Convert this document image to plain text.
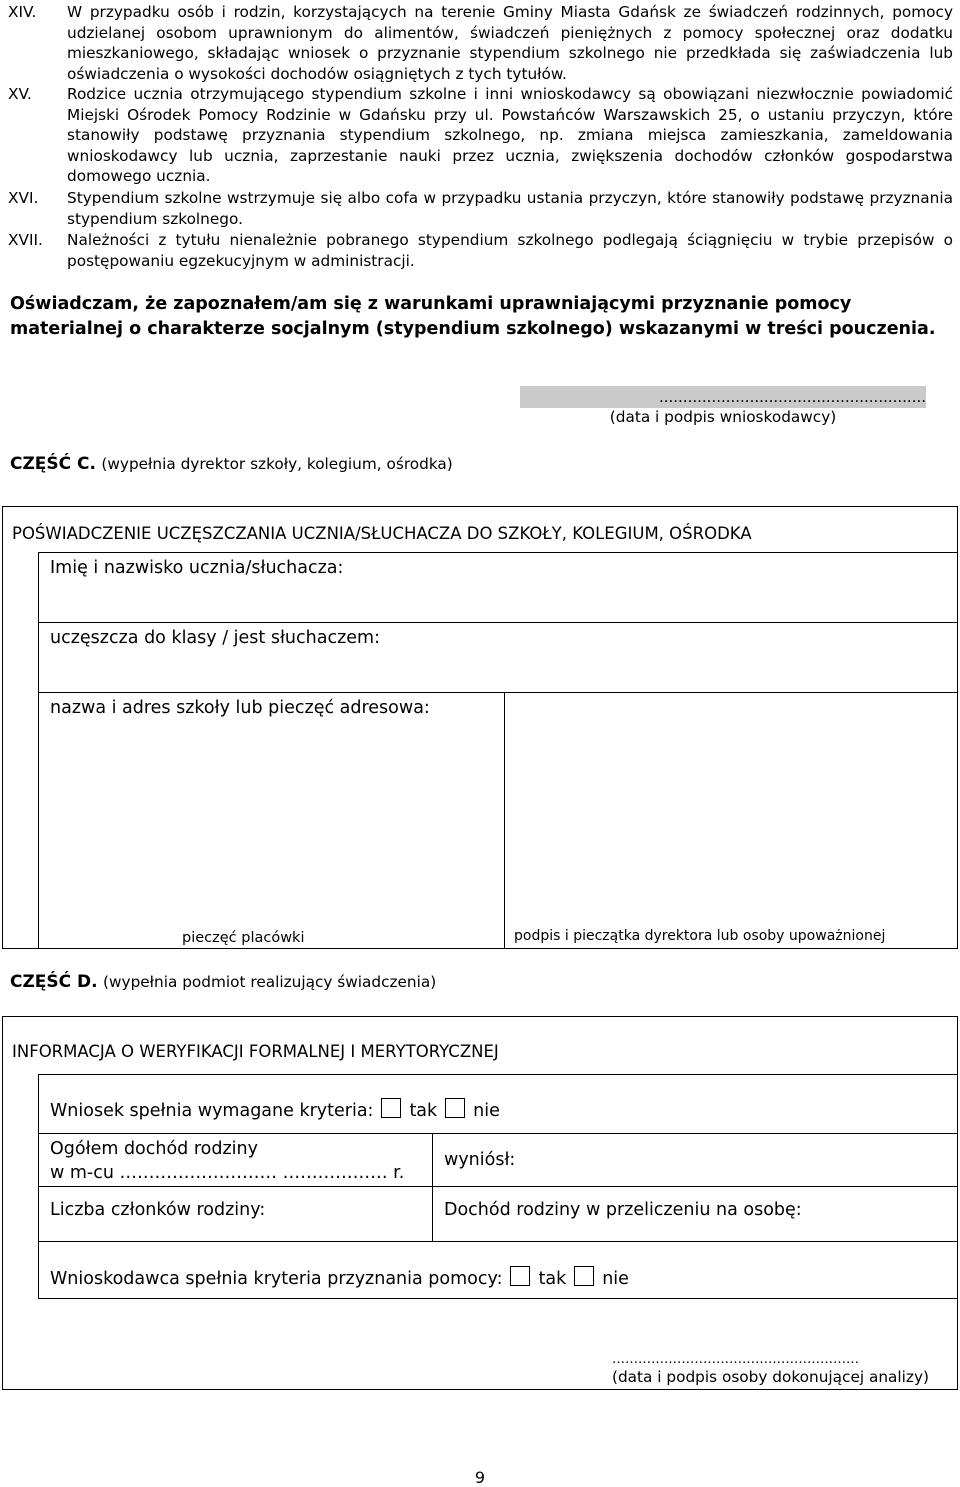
XIV. W przypadku osób i rodzin, korzystających na terenie Gminy Miasta Gdańsk ze świadczeń rodzinnych, pomocy udzielanej osobom uprawnionym do alimentów, świadczeń pieniężnych z pomocy społecznej oraz dodatku mieszkaniowego, składając wniosek o przyznanie stypendium szkolnego nie przedkłada się zaświadczenia lub oświadczenia o wysokości dochodów osiągniętych z tych tytułów.
XV. Rodzice ucznia otrzymującego stypendium szkolne i inni wnioskodawcy są obowiązani niezwłocznie powiadomić Miejski Ośrodek Pomocy Rodzinie w Gdańsku przy ul. Powstańców Warszawskich 25, o ustaniu przyczyn, które stanowiły podstawę przyznania stypendium szkolnego, np. zmiana miejsca zamieszkania, zameldowania wnioskodawcy lub ucznia, zaprzestanie nauki przez ucznia, zwiększenia dochodów członków gospodarstwa domowego ucznia.
XVI. Stypendium szkolne wstrzymuje się albo cofa w przypadku ustania przyczyn, które stanowiły podstawę przyznania stypendium szkolnego.
XVII. Należności z tytułu nienależnie pobranego stypendium szkolnego podlegają ściągnięciu w trybie przepisów o postępowaniu egzekucyjnym w administracji.
Oświadczam, że zapoznałem/am się z warunkami uprawniającymi przyznanie pomocy materialnej o charakterze socjalnym (stypendium szkolnego) wskazanymi w treści pouczenia.
........................................................
(data i podpis wnioskodawcy)
CZĘŚĆ C. (wypełnia dyrektor szkoły, kolegium, ośrodka)
POŚWIADCZENIE UCZĘSZCZANIA UCZNIA/SŁUCHACZA DO SZKOŁY, KOLEGIUM, OŚRODKA
Imię i nazwisko ucznia/słuchacza:
uczęszcza do klasy / jest słuchaczem:
nazwa i adres szkoły lub pieczęć adresowa:
pieczęć placówki	podpis i pieczątka dyrektora lub osoby upoważnionej
CZĘŚĆ D. (wypełnia podmiot realizujący świadczenia)
INFORMACJA O WERYFIKACJI FORMALNEJ I MERYTORYCZNEJ
Wniosek spełnia wymagane kryteria: tak nie
Ogółem dochód rodziny
w m-cu ……………………… ……………… r.
wyniósł:
Liczba członków rodziny:	Dochód rodziny w przeliczeniu na osobę:
Wnioskodawca spełnia kryteria przyznania pomocy: tak nie
…………………………………………………
(data i podpis osoby dokonującej analizy)
9
